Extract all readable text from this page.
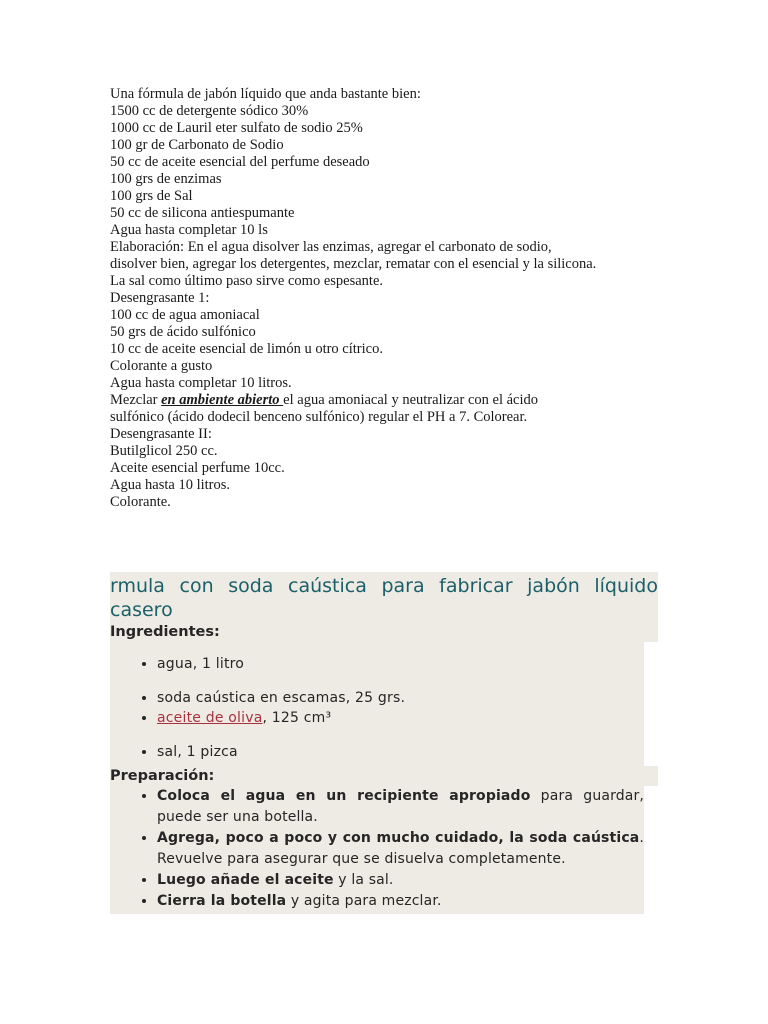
Una fórmula de jabón líquido que anda bastante bien:

1500 cc de detergente sódico 30%

1000 cc de Lauril eter sulfato de sodio 25%

100 gr de Carbonato de Sodio

50 cc de aceite esencial del perfume deseado

100 grs de enzimas

100 grs de Sal

50 cc de silicona antiespumante

Agua hasta completar 10 ls

Elaboración: En el agua disolver las enzimas, agregar el carbonato de sodio,

disolver bien, agregar los detergentes, mezclar, rematar con el esencial y la silicona.

La sal como último paso sirve como espesante.

Desengrasante 1:

100 cc de agua amoniacal

50 grs de ácido sulfónico

10 cc de aceite esencial de limón u otro cítrico.

Colorante a gusto

Agua hasta completar 10 litros.

Mezclar en ambiente abierto el agua amoniacal y neutralizar con el ácido

sulfónico (ácido dodecil benceno sulfónico) regular el PH a 7. Colorear.

Desengrasante II:

Butilglicol 250 cc.

Aceite esencial perfume 10cc.

Agua hasta 10 litros.

Colorante.

rmula con soda caústica para fabricar jabón líquido casero
Ingredientes:
• agua, 1 litro
• soda caústica en escamas, 25 grs.
• aceite de oliva, 125 cm³
• sal, 1 pizca
Preparación:
• Coloca el agua en un recipiente apropiado para guardar, puede ser una botella.
• Agrega, poco a poco y con mucho cuidado, la soda caústica. Revuelve para asegurar que se disuelva completamente.
• Luego añade el aceite y la sal.
• Cierra la botella y agita para mezclar.
